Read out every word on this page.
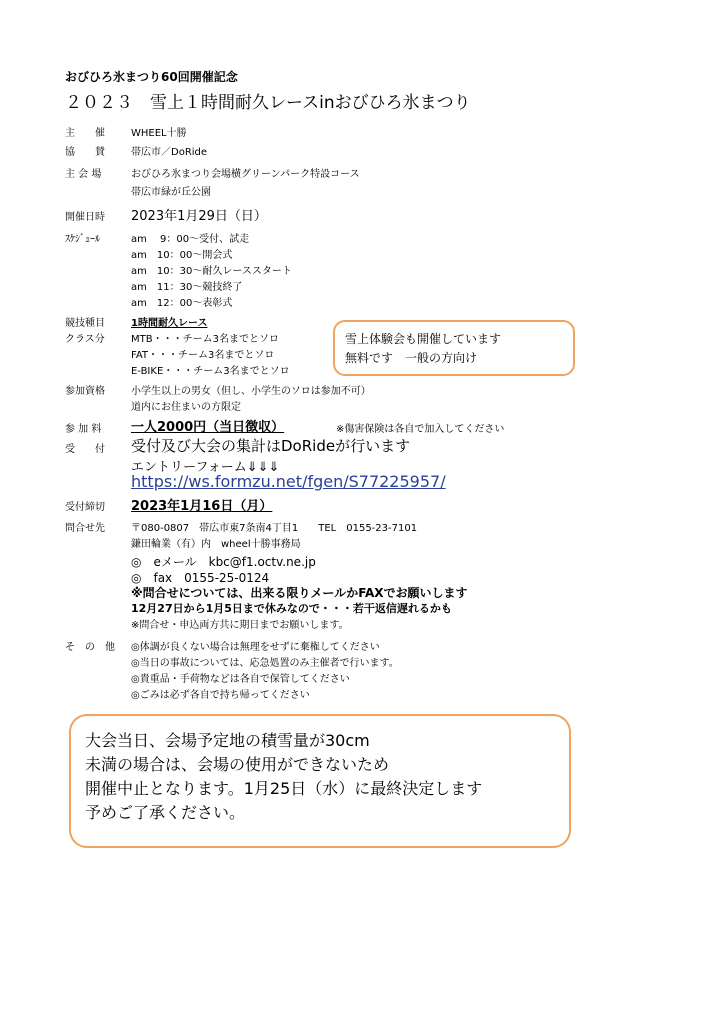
おびひろ氷まつり60回開催記念
２０２３　雪上１時間耐久レースinおびひろ氷まつり
主　　催	WHEEL十勝
協　　賛	帯広市／DoRide
主 会 場	おびひろ氷まつり会場横グリーンパーク特設コース
帯広市緑が丘公園
開催日時 2023年1月29日（日）
ｽｹｼﾞｭｰﾙ	am　 9：00～受付、試走
am　10：00～開会式
am　10：30～耐久レーススタート
am　11：30～競技終了
am　12：00～表彰式
競技種目	1時間耐久レース
クラス分	MTB・・・チーム3名までとソロ
FAT・・・チーム3名までとソロ
E-BIKE・・・チーム3名までとソロ
雪上体験会も開催しています
無料です　一般の方向け
参加資格	小学生以上の男女（但し、小学生のソロは参加不可）
道内にお住まいの方限定
参 加 料 一人2000円（当日徴収）	※傷害保険は各自で加入してください
受　　付 受付及び大会の集計はDoRideが行います
エントリーフォーム⇓⇓⇓
https://ws.formzu.net/fgen/S77225957/
受付締切 2023年1月16日（月）
問合せ先	〒080-0807　帯広市東7条南4丁目1　　TEL　0155-23-7101
鎌田輪業（有）内　wheel十勝事務局
◎　eメール　kbc@f1.octv.ne.jp
◎　fax　0155-25-0124
※問合せについては、出来る限りメールかFAXでお願いします
12月27日から1月5日まで休みなので・・・若干返信遅れるかも
※問合せ・申込両方共に期日までお願いします。
そ　の　他 ◎体調が良くない場合は無理をせずに棄権してください
◎当日の事故については、応急処置のみ主催者で行います。
◎貴重品・手荷物などは各自で保管してください
◎ごみは必ず各自で持ち帰ってください
大会当日、会場予定地の積雪量が30cm
未満の場合は、会場の使用ができないため
開催中止となります。1月25日（水）に最終決定します
予めご了承ください。
